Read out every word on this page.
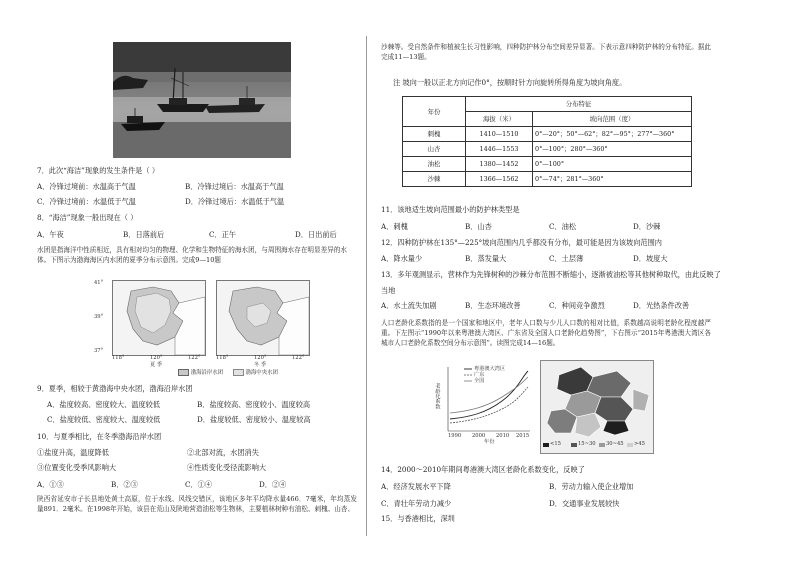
7．此次“海洁”现象的发生条件是（ ）
A．冷锋过境前：水温高于气温	B．冷锋过境后：水温高于气温
C．冷锋过境前：水温低于气温	D．冷锋过境后：水温低于气温
8．“海洁”现象一般出现在（ ）
A．午夜	B．日落前后	C．正午	D．日出前后
水团是指海洋中性质相近，具有相对均匀的物理、化学和生物特征的海水团，与周围海水存在明显差异的水体。下图示为渤海海区内水团的夏季分布示意图。完成9—10题
41°
39°
37°
118°	120°	122°	118°	120°	122°
夏 季	冬 季
渤海沿岸水团	渤海中央水团
9．夏季，相较于黄渤海中央水团，渤海沿岸水团
A．盐度较高、密度较大、温度较低	B．盐度较高、密度较小、温度较高
C．盐度较低、密度较大、温度较低	D．盐度较低、密度较小、温度较高
10．与夏季相比，在冬季渤海沿岸水团
①盐度升高，温度降低	②北部对流，水团消失
③位置变化受季风影响大	④性质变化受径流影响大
A．①③	B．②③	C．①④	D．②④
陕西省延安市子长县地处黄土高原，位于水线、风线交错区，该地区多年平均降水量466．7毫米，年均蒸发量891．2毫米。在1998年开始，该县在荒山及陕地营造油松等生物林，主要植林树种有油松、刺槐、山杏、
沙棘等。受自然条件和植被生长习性影响，四种防护林分布空间差异显著。下表示意四种防护林的分布特征。据此完成11—13题。
注 坡向一般以正北方向记作0°，按顺时针方向旋转所得角度为坡向角度。
年份	分布特征	
	海拔（米）	坡向范围（度）
刺槐	1410—1510	0°—20°；50°—62°；82°—95°；277°—360°
山杏	1446—1553	0°—100°；280°—360°
油松	1380—1452	0°—100°
沙棘	1366—1562	0°—74°；281°—360°
11．该地适生坡向范围最小的防护林类型是
A．刺槐	B．山杏	C．油松	D．沙棘
12．四种防护林在135°—225°坡向范围内几乎都没有分布，最可能是因为该坡向范围内
A．降水量少	B．蒸发量大	C．土层薄	D．坡度大
13．多年观测显示，营林作为先锋树种的沙棘分布范围不断缩小，逐渐被油松等其他树种取代，由此反映了
当地
A．水土流失加剧	B．生态环境改善	C．种间竞争激烈	D．光热条件改善
人口老龄化系数指的是一个国家和地区中，老年人口数与少儿人口数的相对比值，系数越高说明老龄化程度越严重。下左图示“1990年以来粤港澳大湾区、广东省及全国人口老龄化趋势图”，下右图示“2015年粤港澳大湾区各城市人口老龄化系数空间分布示意图”。读图完成14—16题。
粤港澳大湾区
广东
全国
老龄化系数
1990 2000 2010 2015
年份	<15	15~30 30~45 >45
14．2000～2010年期间粤港澳大湾区老龄化系数变化，反映了
A．经济发展水平下降	B．劳动力输入使企业增加
C．青壮年劳动力减少	D．交通事业发展较快
15．与香港相比，深圳
